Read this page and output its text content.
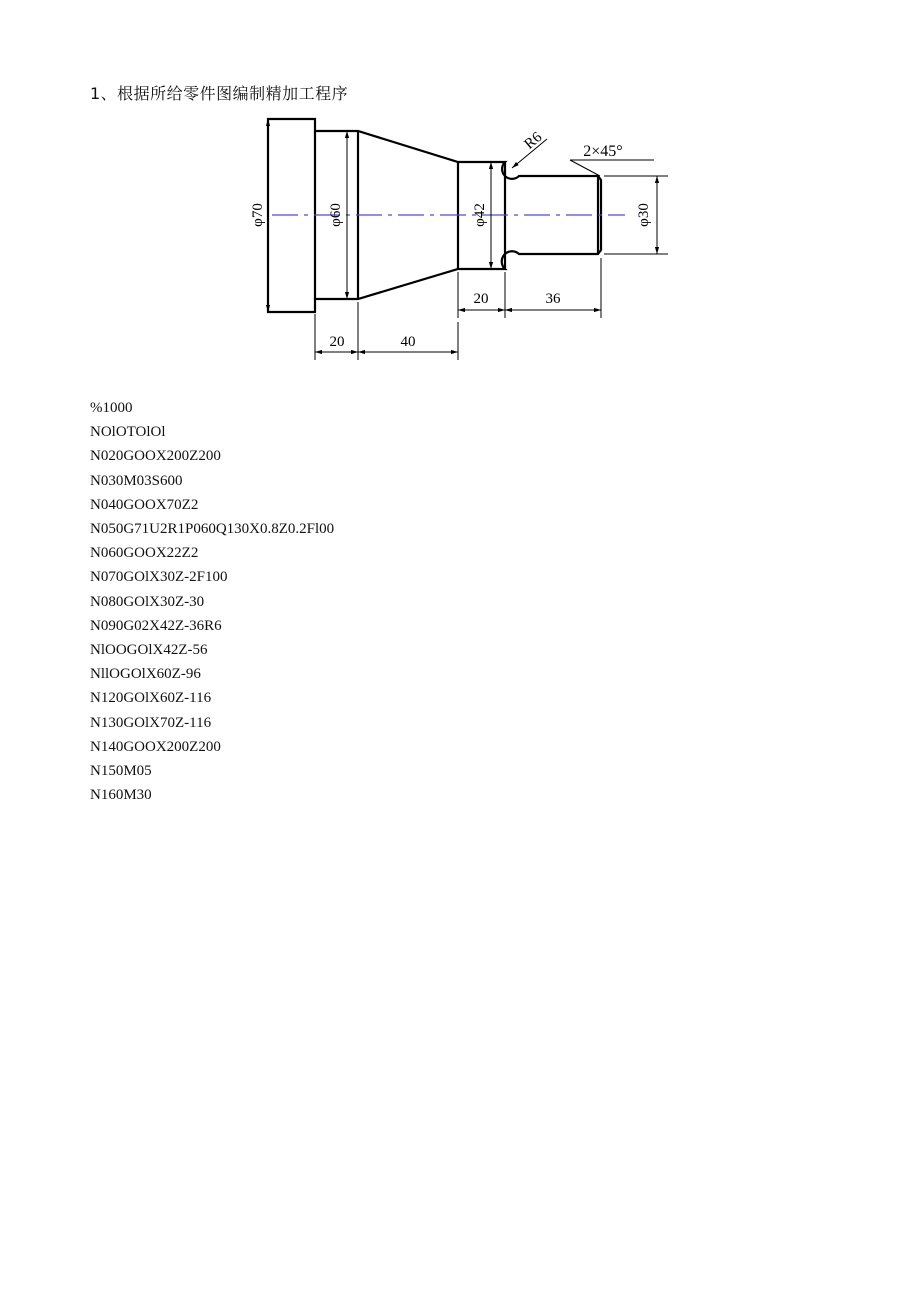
1、根据所给零件图编制精加工程序
φ70	φ60	φ42	φ30
20	36
20	40
R6 2×45°
%1000
NOlOTOlOl
N020GOOX200Z200
N030M03S600
N040GOOX70Z2
N050G71U2R1P060Q130X0.8Z0.2Fl00
N060GOOX22Z2
N070GOlX30Z-2F100
N080GOlX30Z-30
N090G02X42Z-36R6
NlOOGOlX42Z-56
NllOGOlX60Z-96
N120GOlX60Z-116
N130GOlX70Z-116
N140GOOX200Z200
N150M05
N160M30
